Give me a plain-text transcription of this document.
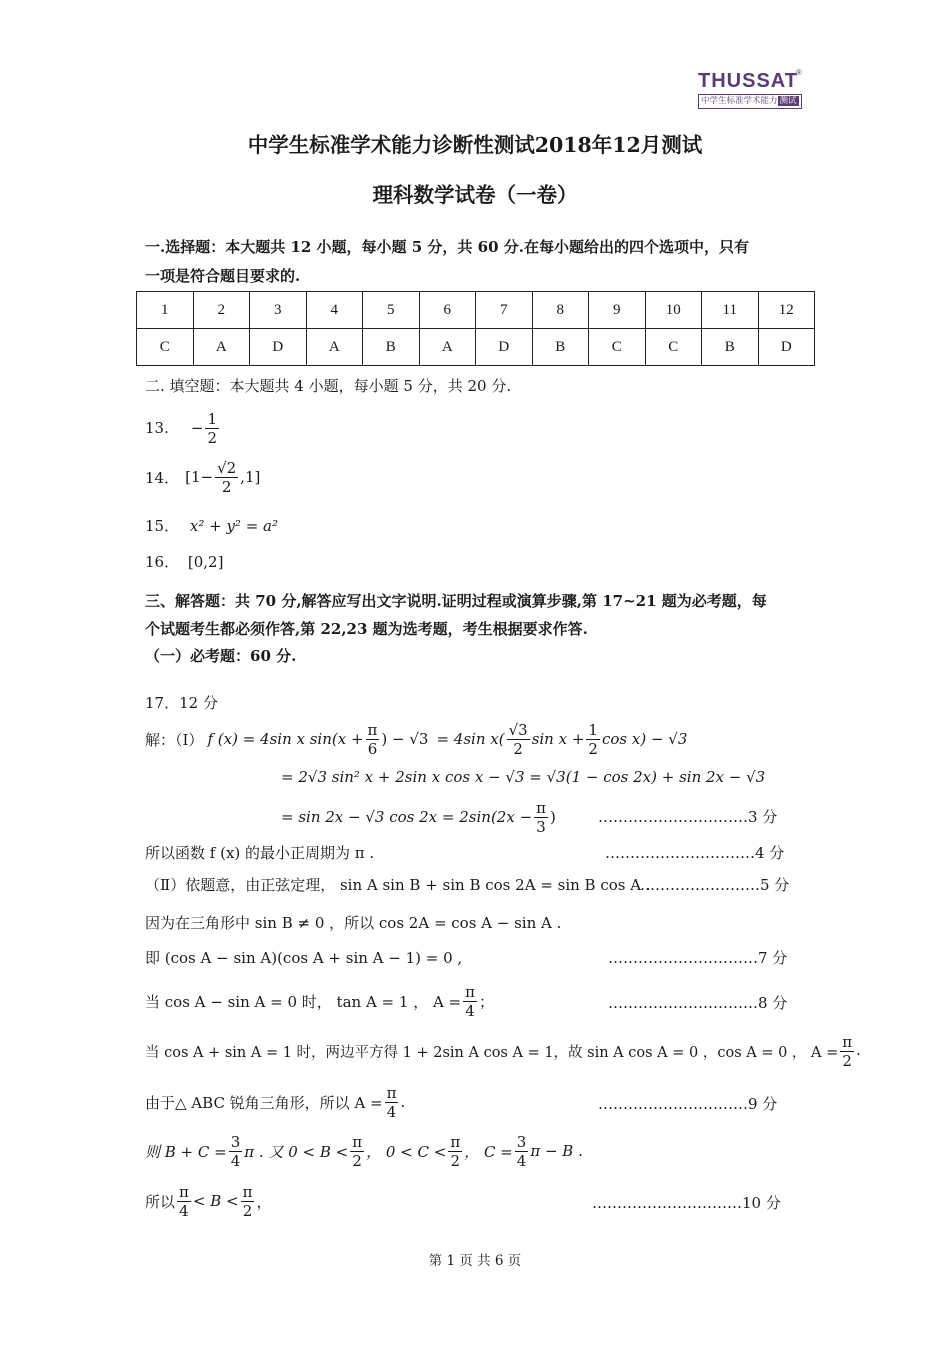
THUSSAT
®
中学生标准学术能力 测试
中学生标准学术能力诊断性测试2018年12月测试
理科数学试卷（一卷）
一.选择题：本大题共 12 小题，每小题 5 分，共 60 分.在每小题给出的四个选项中，只有
一项是符合题目要求的.
1	2	3	4	5	6	7	8	9	10	11	12
C	A	D	A	B	A	D	B	C	C	B	D
二. 填空题：本大题共 4 小题，每小题 5 分，共 20 分.
13. − $\frac{1}{2}$
14． $[1- \frac{√2}{2} ,1]$
15． x² + y² = a²
16． [0,2]
三、解答题：共 70 分,解答应写出文字说明.证明过程或演算步骤,第 17~21 题为必考题，每
个试题考生都必须作答,第 22,23 题为选考题，考生根据要求作答.
（一）必考题：60 分.
17．12 分
解：（Ⅰ） f (x) = 4sin x $\sin(x + \frac{\pi}{6}$ ) − √3 = 4sin $x( \frac{√3}{2}$ $\sin x + \frac{1}{2}$ cos x) − √3
= 2√3 sin² x + 2sin x cos x − √3 = √3(1 − cos 2x) + sin 2x − √3
= sin 2x − √3 $\cos 2x = 2\sin(2x - \frac{\pi}{3}$ )	…………………………3 分
所以函数 f (x) 的最小正周期为 π .	…………………………4 分
（Ⅱ）依题意，由正弦定理， sin A sin B + sin B cos 2A = sin B cos A .
……………………5 分
因为在三角形中 sin B ≠ 0 ，所以 cos 2A = cos A − sin A .
即 (cos A − sin A)(cos A + sin A − 1) = 0 ,	…………………………7 分
当 cos A − sin A = 0 时， tan A = 1 ， $A = \frac{\pi}{4}$ ；	…………………………8 分
当 cos A + sin A = 1 时，两边平方得 1 + 2sin A cos A = 1，故 sin A cos A = 0 ，cos A = 0 ， $A = \frac{\pi}{2}$ .
由于△ ABC 锐角三角形，所以 $A = \frac{\pi}{4}$ .	…………………………9 分
则 $B + C = \frac{3}{4}$ π . 又 $0 < B < \frac{\pi}{2}$ ， $0 < C < \frac{\pi}{2}$ ， $C = \frac{3}{4}$ π − B .
所以 $\frac{\pi}{4} < B < \frac{\pi}{2}$ ，	…………………………10 分
第 1 页 共 6 页
